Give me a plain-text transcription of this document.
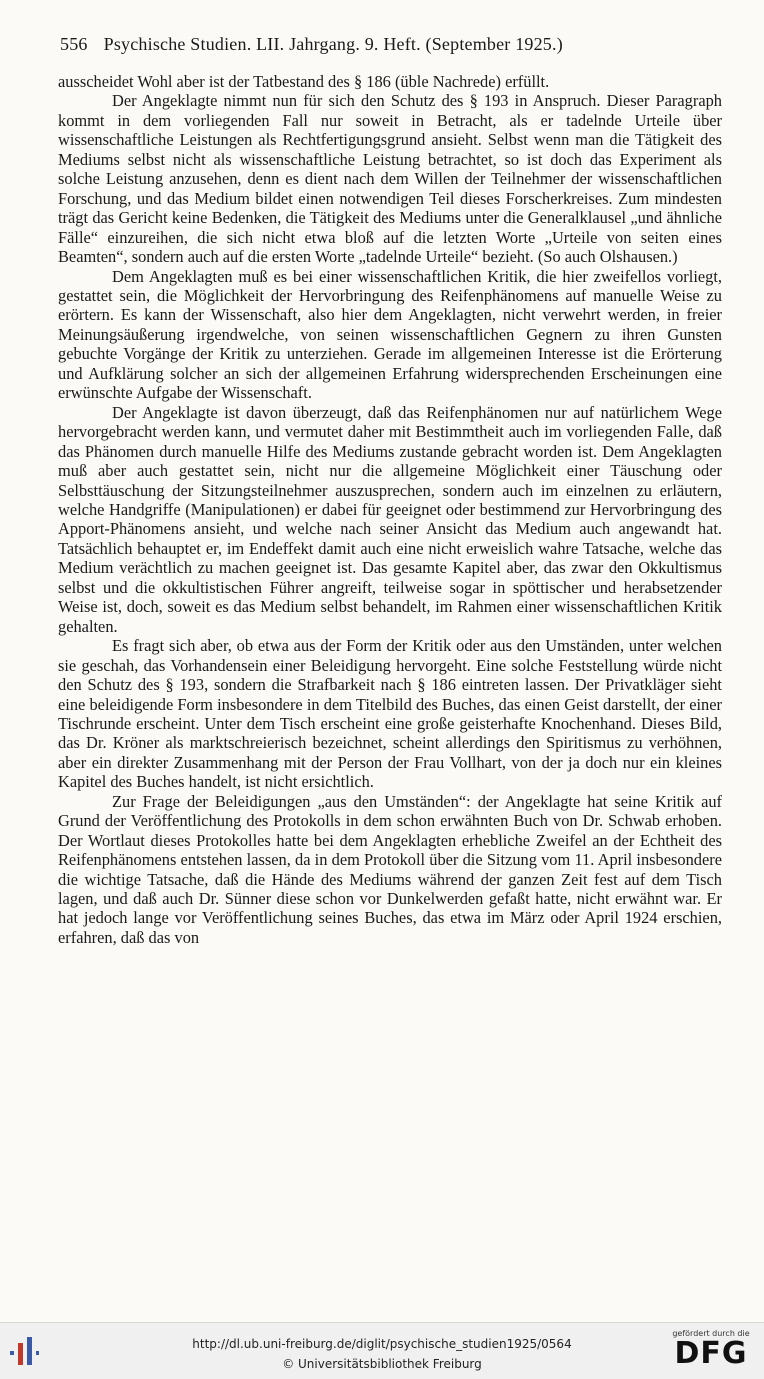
556 Psychische Studien. LII. Jahrgang. 9. Heft. (September 1925.)

ausscheidet Wohl aber ist der Tatbestand des § 186 (üble Nachrede) erfüllt.

Der Angeklagte nimmt nun für sich den Schutz des § 193 in Anspruch. Dieser Paragraph kommt in dem vorliegenden Fall nur soweit in Betracht, als er tadelnde Urteile über wissenschaftliche Leistungen als Rechtfertigungsgrund ansieht. Selbst wenn man die Tätigkeit des Mediums selbst nicht als wissenschaftliche Leistung betrachtet, so ist doch das Experiment als solche Leistung anzusehen, denn es dient nach dem Willen der Teilnehmer der wissenschaftlichen Forschung, und das Medium bildet einen notwendigen Teil dieses Forscherkreises. Zum mindesten trägt das Gericht keine Bedenken, die Tätigkeit des Mediums unter die Generalklausel „und ähnliche Fälle“ einzureihen, die sich nicht etwa bloß auf die letzten Worte „Urteile von seiten eines Beamten“, sondern auch auf die ersten Worte „tadelnde Urteile“ bezieht. (So auch Olshausen.)

Dem Angeklagten muß es bei einer wissenschaftlichen Kritik, die hier zweifellos vorliegt, gestattet sein, die Möglichkeit der Hervorbringung des Reifenphänomens auf manuelle Weise zu erörtern. Es kann der Wissenschaft, also hier dem Angeklagten, nicht verwehrt werden, in freier Meinungsäußerung irgendwelche, von seinen wissenschaftlichen Gegnern zu ihren Gunsten gebuchte Vorgänge der Kritik zu unterziehen. Gerade im allgemeinen Interesse ist die Erörterung und Aufklärung solcher an sich der allgemeinen Erfahrung widersprechenden Erscheinungen eine erwünschte Aufgabe der Wissenschaft.

Der Angeklagte ist davon überzeugt, daß das Reifenphänomen nur auf natürlichem Wege hervorgebracht werden kann, und vermutet daher mit Bestimmtheit auch im vorliegenden Falle, daß das Phänomen durch manuelle Hilfe des Mediums zustande gebracht worden ist. Dem Angeklagten muß aber auch gestattet sein, nicht nur die allgemeine Möglichkeit einer Täuschung oder Selbsttäuschung der Sitzungsteilnehmer auszusprechen, sondern auch im einzelnen zu erläutern, welche Handgriffe (Manipulationen) er dabei für geeignet oder bestimmend zur Hervorbringung des Apport-Phänomens ansieht, und welche nach seiner Ansicht das Medium auch angewandt hat. Tatsächlich behauptet er, im Endeffekt damit auch eine nicht erweislich wahre Tatsache, welche das Medium verächtlich zu machen geeignet ist. Das gesamte Kapitel aber, das zwar den Okkultismus selbst und die okkultistischen Führer angreift, teilweise sogar in spöttischer und herabsetzender Weise ist, doch, soweit es das Medium selbst behandelt, im Rahmen einer wissenschaftlichen Kritik gehalten.

Es fragt sich aber, ob etwa aus der Form der Kritik oder aus den Umständen, unter welchen sie geschah, das Vorhandensein einer Beleidigung hervorgeht. Eine solche Feststellung würde nicht den Schutz des § 193, sondern die Strafbarkeit nach § 186 eintreten lassen. Der Privatkläger sieht eine beleidigende Form insbesondere in dem Titelbild des Buches, das einen Geist darstellt, der einer Tischrunde erscheint. Unter dem Tisch erscheint eine große geisterhafte Knochenhand. Dieses Bild, das Dr. Kröner als marktschreierisch bezeichnet, scheint allerdings den Spiritismus zu verhöhnen, aber ein direkter Zusammenhang mit der Person der Frau Vollhart, von der ja doch nur ein kleines Kapitel des Buches handelt, ist nicht ersichtlich.

Zur Frage der Beleidigungen „aus den Umständen“: der Angeklagte hat seine Kritik auf Grund der Veröffentlichung des Protokolls in dem schon erwähnten Buch von Dr. Schwab erhoben. Der Wortlaut dieses Protokolles hatte bei dem Angeklagten erhebliche Zweifel an der Echtheit des Reifenphänomens entstehen lassen, da in dem Protokoll über die Sitzung vom 11. April insbesondere die wichtige Tatsache, daß die Hände des Mediums während der ganzen Zeit fest auf dem Tisch lagen, und daß auch Dr. Sünner diese schon vor Dunkelwerden gefaßt hatte, nicht erwähnt war. Er hat jedoch lange vor Veröffentlichung seines Buches, das etwa im März oder April 1924 erschien, erfahren, daß das von

http://dl.ub.uni-freiburg.de/diglit/psychische_studien1925/0564
© Universitätsbibliothek Freiburg
gefördert durch die
DFG
